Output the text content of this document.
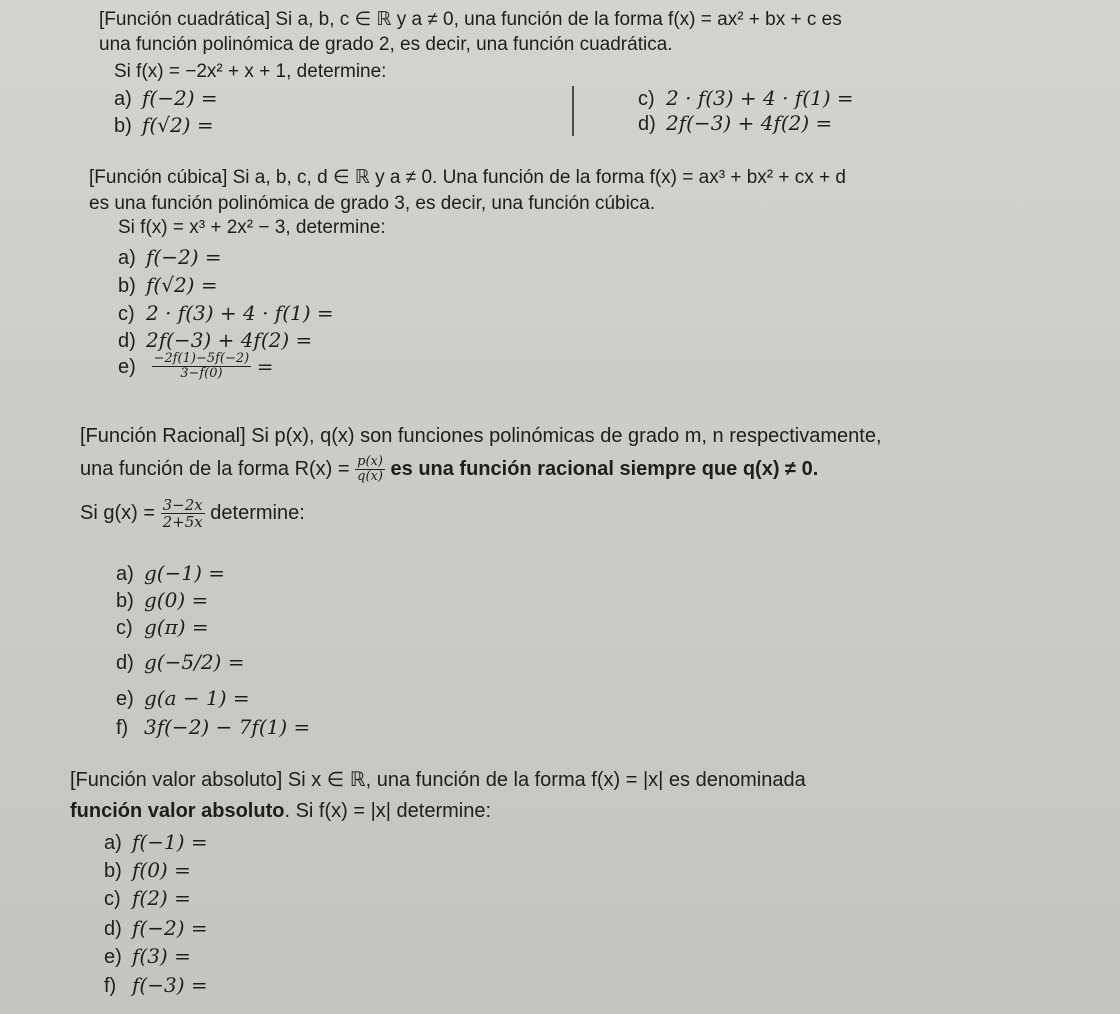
[Función cuadrática] Si a, b, c ∈ ℝ y a ≠ 0, una función de la forma f(x) = ax² + bx + c es
una función polinómica de grado 2, es decir, una función cuadrática.
Si f(x) = −2x² + x + 1, determine:
a) f(−2) =
b) f(√2) =
c) 2 · f(3) + 4 · f(1) =
d) 2f(−3) + 4f(2) =
[Función cúbica] Si a, b, c, d ∈ ℝ y a ≠ 0. Una función de la forma f(x) = ax³ + bx² + cx + d
es una función polinómica de grado 3, es decir, una función cúbica.
Si f(x) = x³ + 2x² − 3, determine:
a) f(−2) =
b) f(√2) =
c) 2 · f(3) + 4 · f(1) =
d) 2f(−3) + 4f(2) =
$e) \frac{-2f(1)-5f(-2)}{3-f(0)}$ =
[Función Racional] Si p(x), q(x) son funciones polinómicas de grado m, n respectivamente,
una función de la forma $R(x) = \frac{p(x)}{q(x)}$ es una función racional siempre que q(x) ≠ 0.
Si $g(x) = \frac{3-2x}{2+5x}$ determine:
a) g(−1) =
b) g(0) =
c) g(π) =
d) g(−5/2) =
e) g(a − 1) =
f) 3f(−2) − 7f(1) =
[Función valor absoluto] Si x ∈ ℝ, una función de la forma f(x) = |x| es denominada
función valor absoluto. Si f(x) = |x| determine:
a) f(−1) =
b) f(0) =
c) f(2) =
d) f(−2) =
e) f(3) =
f) f(−3) =
